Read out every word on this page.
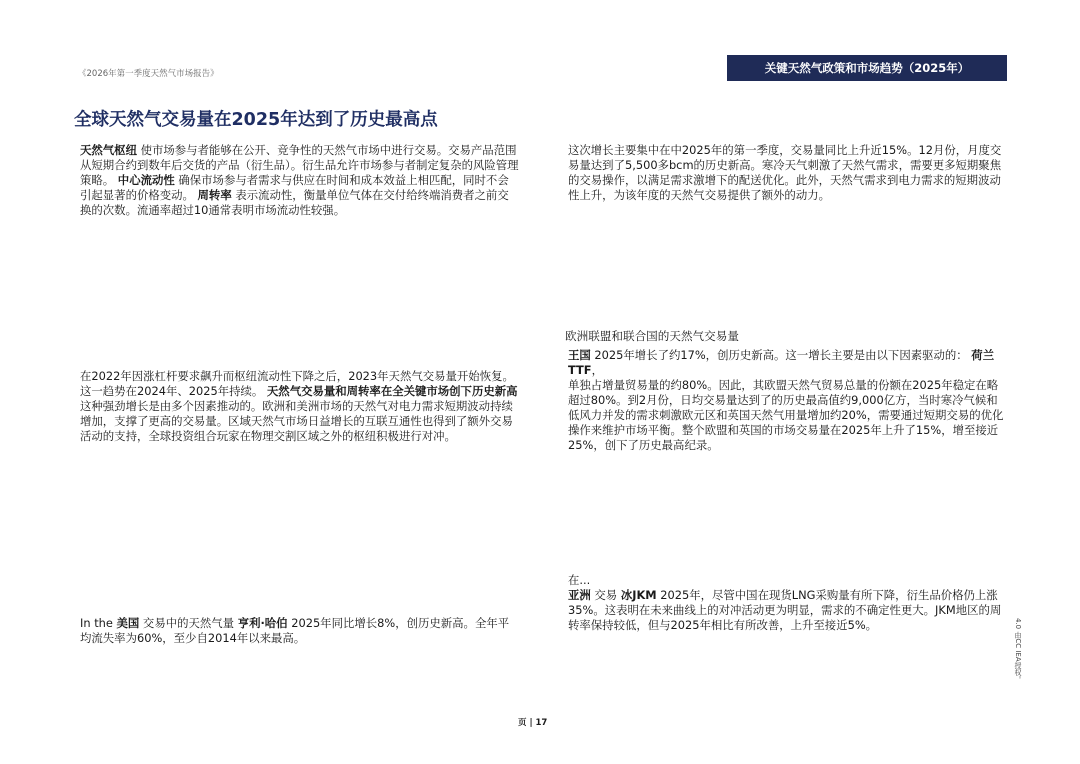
《2026年第一季度天然气市场报告》	关键天然气政策和市场趋势（2025年）
全球天然气交易量在2025年达到了历史最高点

天然气枢纽 使市场参与者能够在公开、竞争性的天然气市场中进行交易。交易产品范围从短期合约到数年后交货的产品（衍生品）。衍生品允许市场参与者制定复杂的风险管理策略。 中心流动性 确保市场参与者需求与供应在时间和成本效益上相匹配，同时不会引起显著的价格变动。 周转率 表示流动性，衡量单位气体在交付给终端消费者之前交换的次数。流通率超过10通常表明市场流动性较强。

在2022年因涨杠杆要求飙升而枢纽流动性下降之后，2023年天然气交易量开始恢复。这一趋势在2024年、2025年持续。 天然气交易量和周转率在全关键市场创下历史新高 这种强劲增长是由多个因素推动的。欧洲和美洲市场的天然气对电力需求短期波动持续增加，支撑了更高的交易量。区域天然气市场日益增长的互联互通性也得到了额外交易活动的支持，全球投资组合玩家在物理交割区域之外的枢纽积极进行对冲。

In the 美国 交易中的天然气量 亨利·哈伯 2025年同比增长8%，创历史新高。全年平均流失率为60%，至少自2014年以来最高。

这次增长主要集中在中2025年的第一季度，交易量同比上升近15%。12月份，月度交易量达到了5,500多bcm的历史新高。寒冷天气刺激了天然气需求，需要更多短期聚焦的交易操作，以满足需求激增下的配送优化。此外，天然气需求到电力需求的短期波动性上升，为该年度的天然气交易提供了额外的动力。

欧洲联盟和联合国的天然气交易量

王国 2025年增长了约17%，创历史新高。这一增长主要是由以下因素驱动的： 荷兰TTF，
单独占增量贸易量的约80%。因此，其欧盟天然气贸易总量的份额在2025年稳定在略超过80%。到2月份，日均交易量达到了的历史最高值约9,000亿方，当时寒冷气候和低风力并发的需求刺激欧元区和英国天然气用量增加约20%，需要通过短期交易的优化操作来维护市场平衡。整个欧盟和英国的市场交易量在2025年上升了15%，增至接近25%，创下了历史最高纪录。

在...
亚洲 交易 冰JKM 2025年，尽管中国在现货LNG采购量有所下降，衍生品价格仍上涨35%。这表明在未来曲线上的对冲活动更为明显，需求的不确定性更大。JKM地区的周转率保持较低，但与2025年相比有所改善，上升至接近5%。

页 | 17
4.0 由CC IEA授权。
